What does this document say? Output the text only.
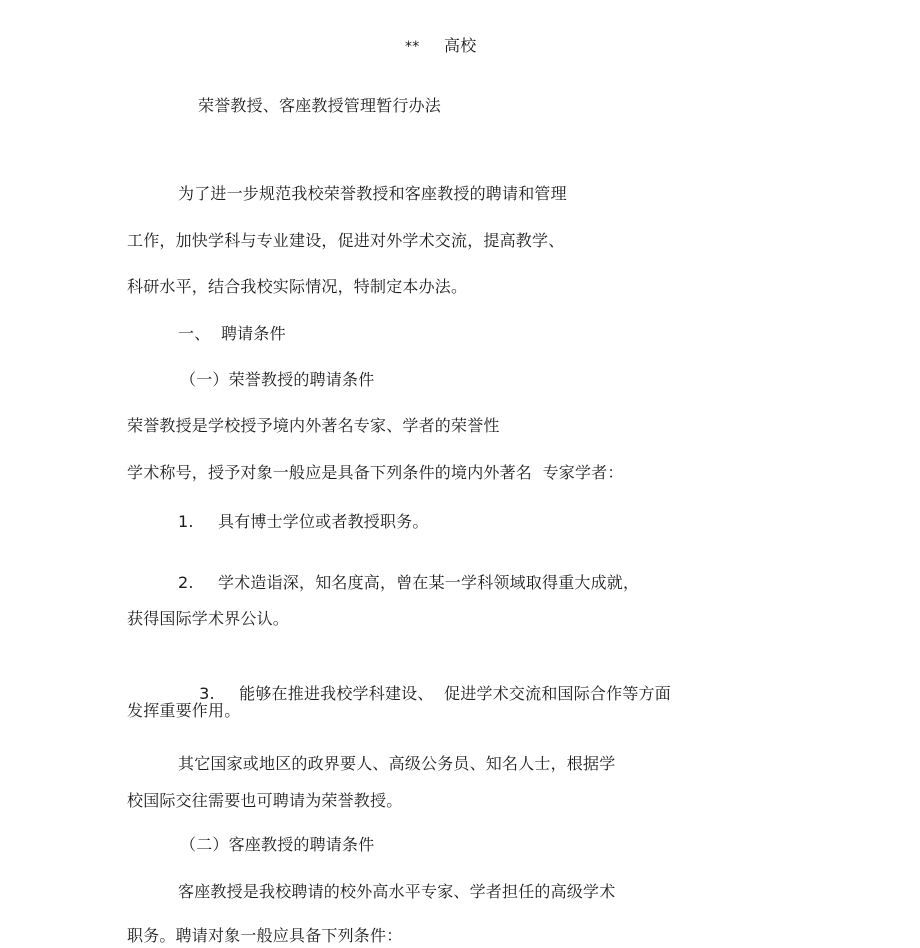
** 高校
荣誉教授、客座教授管理暂行办法
为了进一步规范我校荣誉教授和客座教授的聘请和管理
工作，加快学科与专业建设，促进对外学术交流，提高教学、
科研水平，结合我校实际情况，特制定本办法。
一、  聘请条件
（一）荣誉教授的聘请条件
荣誉教授是学校授予境内外著名专家、学者的荣誉性
学术称号，授予对象一般应是具备下列条件的境内外著名  专家学者：
1. 具有博士学位或者教授职务。
2. 学术造诣深，知名度高，曾在某一学科领域取得重大成就，
获得国际学术界公认。

3. 能够在推进我校学科建设、  促进学术交流和国际合作等方面

发挥重要作用。
其它国家或地区的政界要人、高级公务员、知名人士，根据学
校国际交往需要也可聘请为荣誉教授。
（二）客座教授的聘请条件
客座教授是我校聘请的校外高水平专家、学者担任的高级学术
职务。聘请对象一般应具备下列条件：
